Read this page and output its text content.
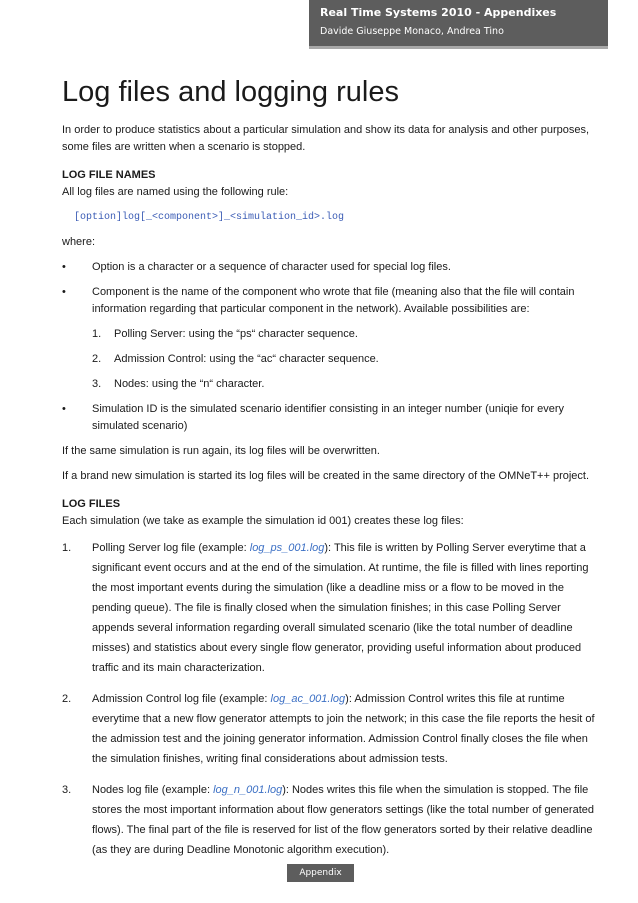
Real Time Systems 2010 - Appendixes
Davide Giuseppe Monaco, Andrea Tino
Log files and logging rules

In order to produce statistics about a particular simulation and show its data for analysis and other purposes, some files are written when a scenario is stopped.

LOG FILE NAMES

All log files are named using the following rule:

[option]log[_<component>]_<simulation_id>.log

where:

• Option is a character or a sequence of character used for special log files.
• Component is the name of the component who wrote that file (meaning also that the file will contain information regarding that particular component in the network). Available possibilities are:
1. Polling Server: using the “ps“ character sequence.
2. Admission Control: using the “ac“ character sequence.
3. Nodes: using the “n“ character.
• Simulation ID is the simulated scenario identifier consisting in an integer number (uniqie for every simulated scenario)

If the same simulation is run again, its log files will be overwritten.

If a brand new simulation is started its log files will be created in the same directory of the OMNeT++ project.

LOG FILES

Each simulation (we take as example the simulation id 001) creates these log files:

1. Polling Server log file (example: log_ps_001.log): This file is written by Polling Server everytime that a significant event occurs and at the end of the simulation. At runtime, the file is filled with lines reporting the most important events during the simulation (like a deadline miss or a flow to be moved in the pending queue). The file is finally closed when the simulation finishes; in this case Polling Server appends several information regarding overall simulated scenario (like the total number of deadline misses) and statistics about every single flow generator, providing useful information about produced traffic and its main characterization.
2. Admission Control log file (example: log_ac_001.log): Admission Control writes this file at runtime everytime that a new flow generator attempts to join the network; in this case the file reports the hesit of the admission test and the joining generator information. Admission Control finally closes the file when the simulation finishes, writing final considerations about admission tests.
3. Nodes log file (example: log_n_001.log): Nodes writes this file when the simulation is stopped. The file stores the most important information about flow generators settings (like the total number of generated flows). The final part of the file is reserved for list of the flow generators sorted by their relative deadline (as they are during Deadline Monotonic algorithm execution).
Appendix
